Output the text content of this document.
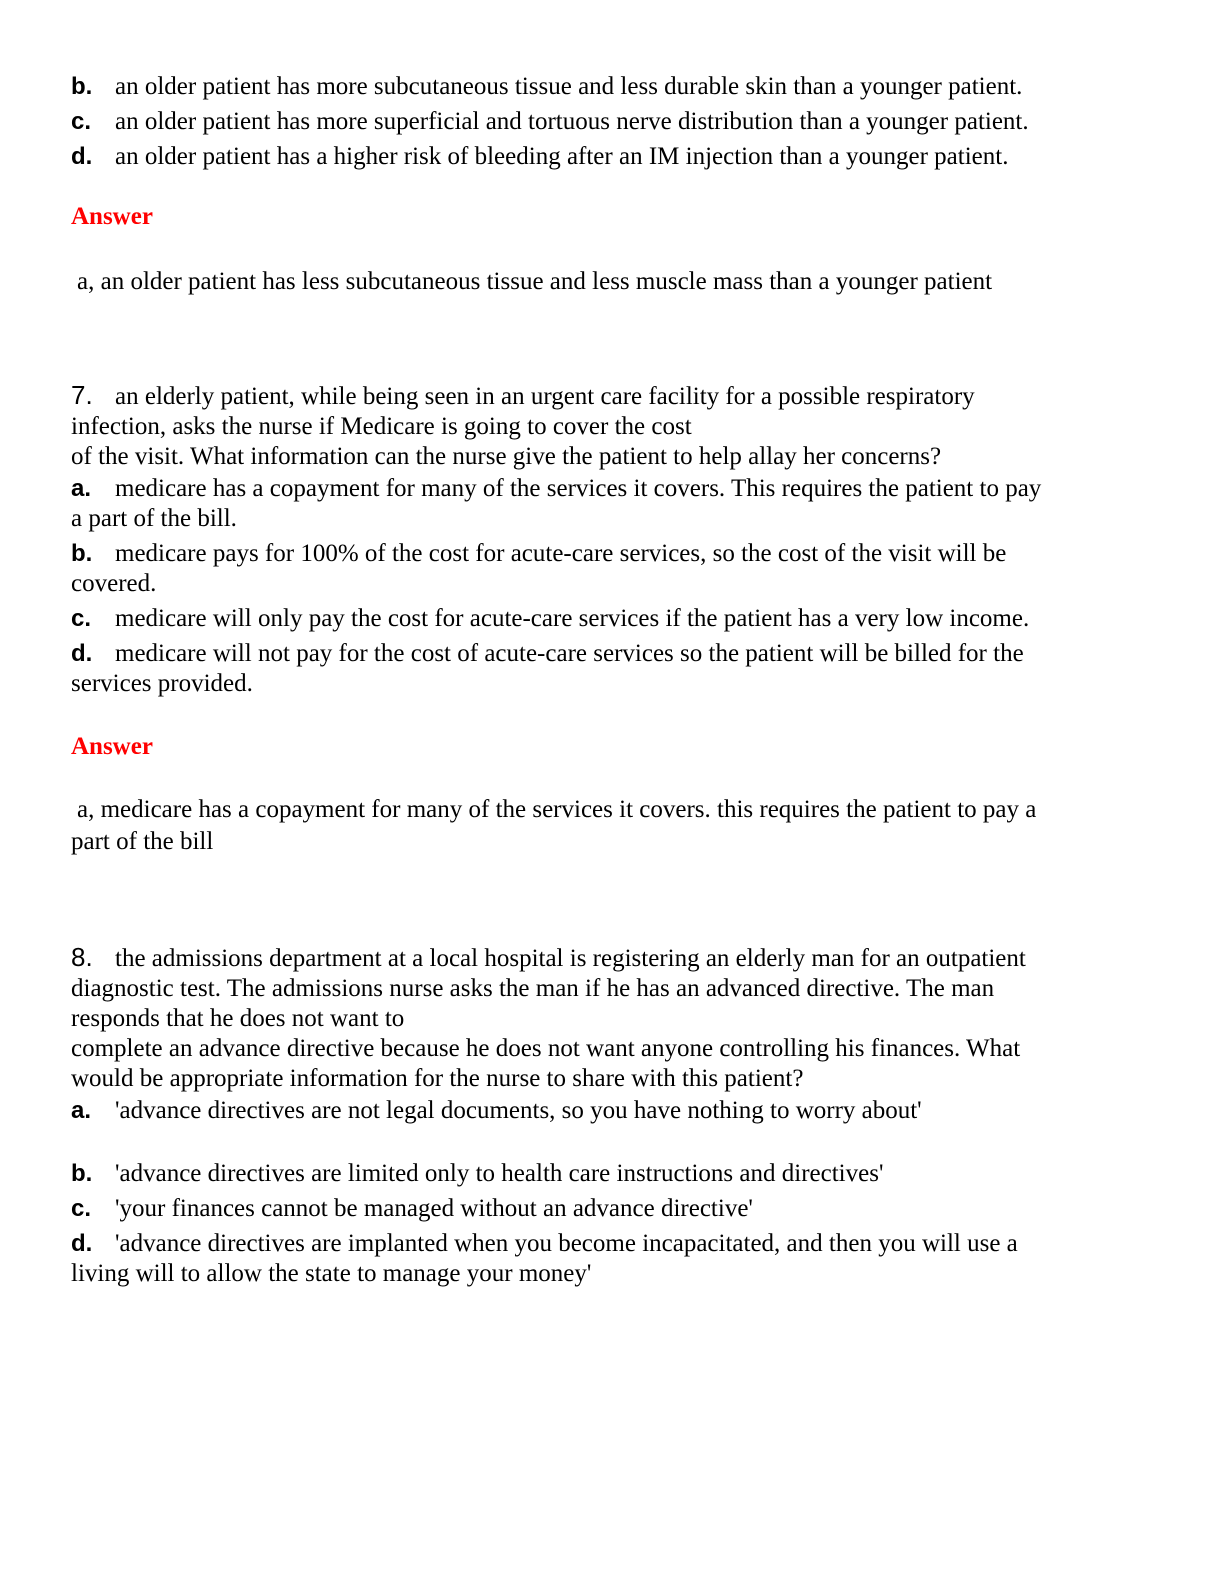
b. an older patient has more subcutaneous tissue and less durable skin than a younger patient.
c. an older patient has more superficial and tortuous nerve distribution than a younger patient.
d. an older patient has a higher risk of bleeding after an IM injection than a younger patient.
Answer
a, an older patient has less subcutaneous tissue and less muscle mass than a younger patient
7. an elderly patient, while being seen in an urgent care facility for a possible respiratory
infection, asks the nurse if Medicare is going to cover the cost
of the visit. What information can the nurse give the patient to help allay her concerns?
a. medicare has a copayment for many of the services it covers. This requires the patient to pay
a part of the bill.
b. medicare pays for 100% of the cost for acute-care services, so the cost of the visit will be
covered.
c. medicare will only pay the cost for acute-care services if the patient has a very low income.
d. medicare will not pay for the cost of acute-care services so the patient will be billed for the
services provided.
Answer
a, medicare has a copayment for many of the services it covers. this requires the patient to pay a
part of the bill
8. the admissions department at a local hospital is registering an elderly man for an outpatient
diagnostic test. The admissions nurse asks the man if he has an advanced directive. The man
responds that he does not want to
complete an advance directive because he does not want anyone controlling his finances. What
would be appropriate information for the nurse to share with this patient?
a. 'advance directives are not legal documents, so you have nothing to worry about'
b. 'advance directives are limited only to health care instructions and directives'
c. 'your finances cannot be managed without an advance directive'
d. 'advance directives are implanted when you become incapacitated, and then you will use a
living will to allow the state to manage your money'
